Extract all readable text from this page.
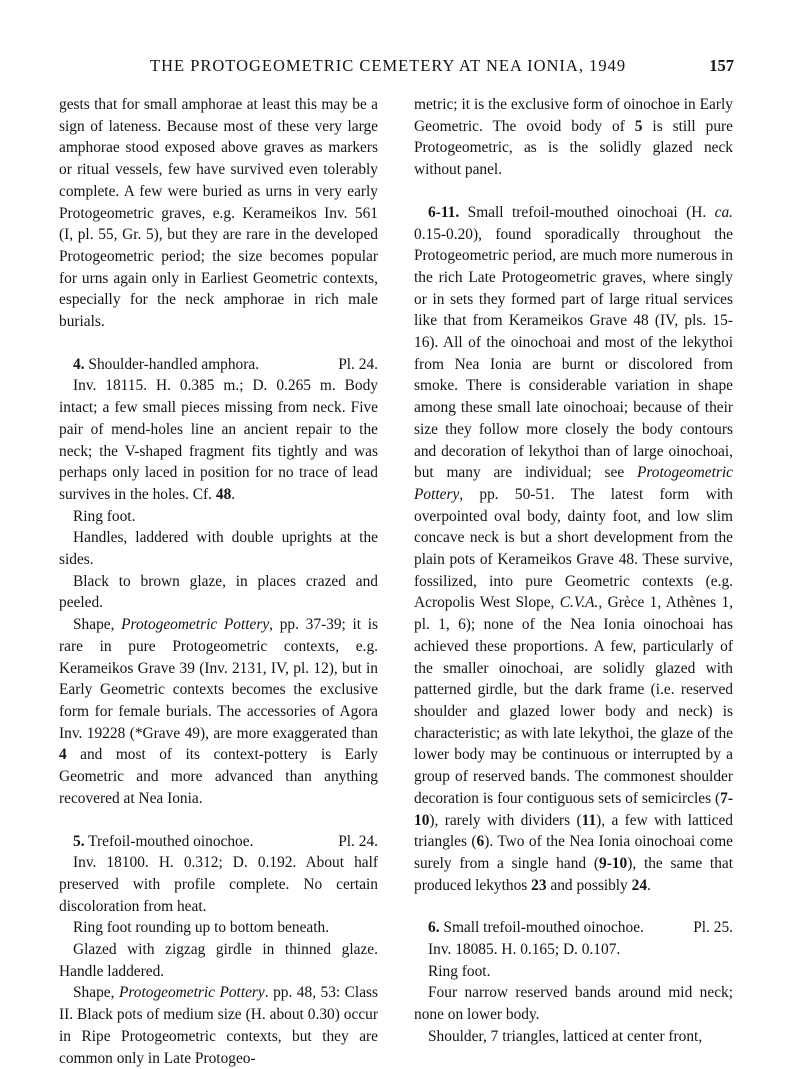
THE PROTOGEOMETRIC CEMETERY AT NEA IONIA, 1949	157

gests that for small amphorae at least this may be a sign of lateness. Because most of these very large amphorae stood exposed above graves as markers or ritual vessels, few have survived even tolerably complete. A few were buried as urns in very early Protogeometric graves, e.g. Kerameikos Inv. 561 (I, pl. 55, Gr. 5), but they are rare in the developed Protogeometric period; the size becomes popular for urns again only in Earliest Geometric contexts, especially for the neck amphorae in rich male burials.

4. Shoulder-handled amphora.	Pl. 24.

Inv. 18115. H. 0.385 m.; D. 0.265 m. Body intact; a few small pieces missing from neck. Five pair of mend-holes line an ancient repair to the neck; the V-shaped fragment fits tightly and was perhaps only laced in position for no trace of lead survives in the holes. Cf. 48.

Ring foot.

Handles, laddered with double uprights at the sides.

Black to brown glaze, in places crazed and peeled.

Shape, Protogeometric Pottery, pp. 37-39; it is rare in pure Protogeometric contexts, e.g. Kerameikos Grave 39 (Inv. 2131, IV, pl. 12), but in Early Geometric contexts becomes the exclusive form for female burials. The accessories of Agora Inv. 19228 (*Grave 49), are more exaggerated than 4 and most of its context-pottery is Early Geometric and more advanced than anything recovered at Nea Ionia.

5. Trefoil-mouthed oinochoe.	Pl. 24.

Inv. 18100. H. 0.312; D. 0.192. About half preserved with profile complete. No certain discoloration from heat.

Ring foot rounding up to bottom beneath.

Glazed with zigzag girdle in thinned glaze. Handle laddered.

Shape, Protogeometric Pottery. pp. 48, 53: Class II. Black pots of medium size (H. about 0.30) occur in Ripe Protogeometric contexts, but they are common only in Late Protogeo-

metric; it is the exclusive form of oinochoe in Early Geometric. The ovoid body of 5 is still pure Protogeometric, as is the solidly glazed neck without panel.

6-11. Small trefoil-mouthed oinochoai (H. ca. 0.15-0.20), found sporadically throughout the Protogeometric period, are much more numerous in the rich Late Protogeometric graves, where singly or in sets they formed part of large ritual services like that from Kerameikos Grave 48 (IV, pls. 15-16). All of the oinochoai and most of the lekythoi from Nea Ionia are burnt or discolored from smoke. There is considerable variation in shape among these small late oinochoai; because of their size they follow more closely the body contours and decoration of lekythoi than of large oinochoai, but many are individual; see Protogeometric Pottery, pp. 50-51. The latest form with overpointed oval body, dainty foot, and low slim concave neck is but a short development from the plain pots of Kerameikos Grave 48. These survive, fossilized, into pure Geometric contexts (e.g. Acropolis West Slope, C.V.A., Grèce 1, Athènes 1, pl. 1, 6); none of the Nea Ionia oinochoai has achieved these proportions. A few, particularly of the smaller oinochoai, are solidly glazed with patterned girdle, but the dark frame (i.e. reserved shoulder and glazed lower body and neck) is characteristic; as with late lekythoi, the glaze of the lower body may be continuous or interrupted by a group of reserved bands. The commonest shoulder decoration is four contiguous sets of semicircles (7-10), rarely with dividers (11), a few with latticed triangles (6). Two of the Nea Ionia oinochoai come surely from a single hand (9-10), the same that produced lekythos 23 and possibly 24.

6. Small trefoil-mouthed oinochoe.	Pl. 25.

Inv. 18085. H. 0.165; D. 0.107.

Ring foot.

Four narrow reserved bands around mid neck; none on lower body.

Shoulder, 7 triangles, latticed at center front,
